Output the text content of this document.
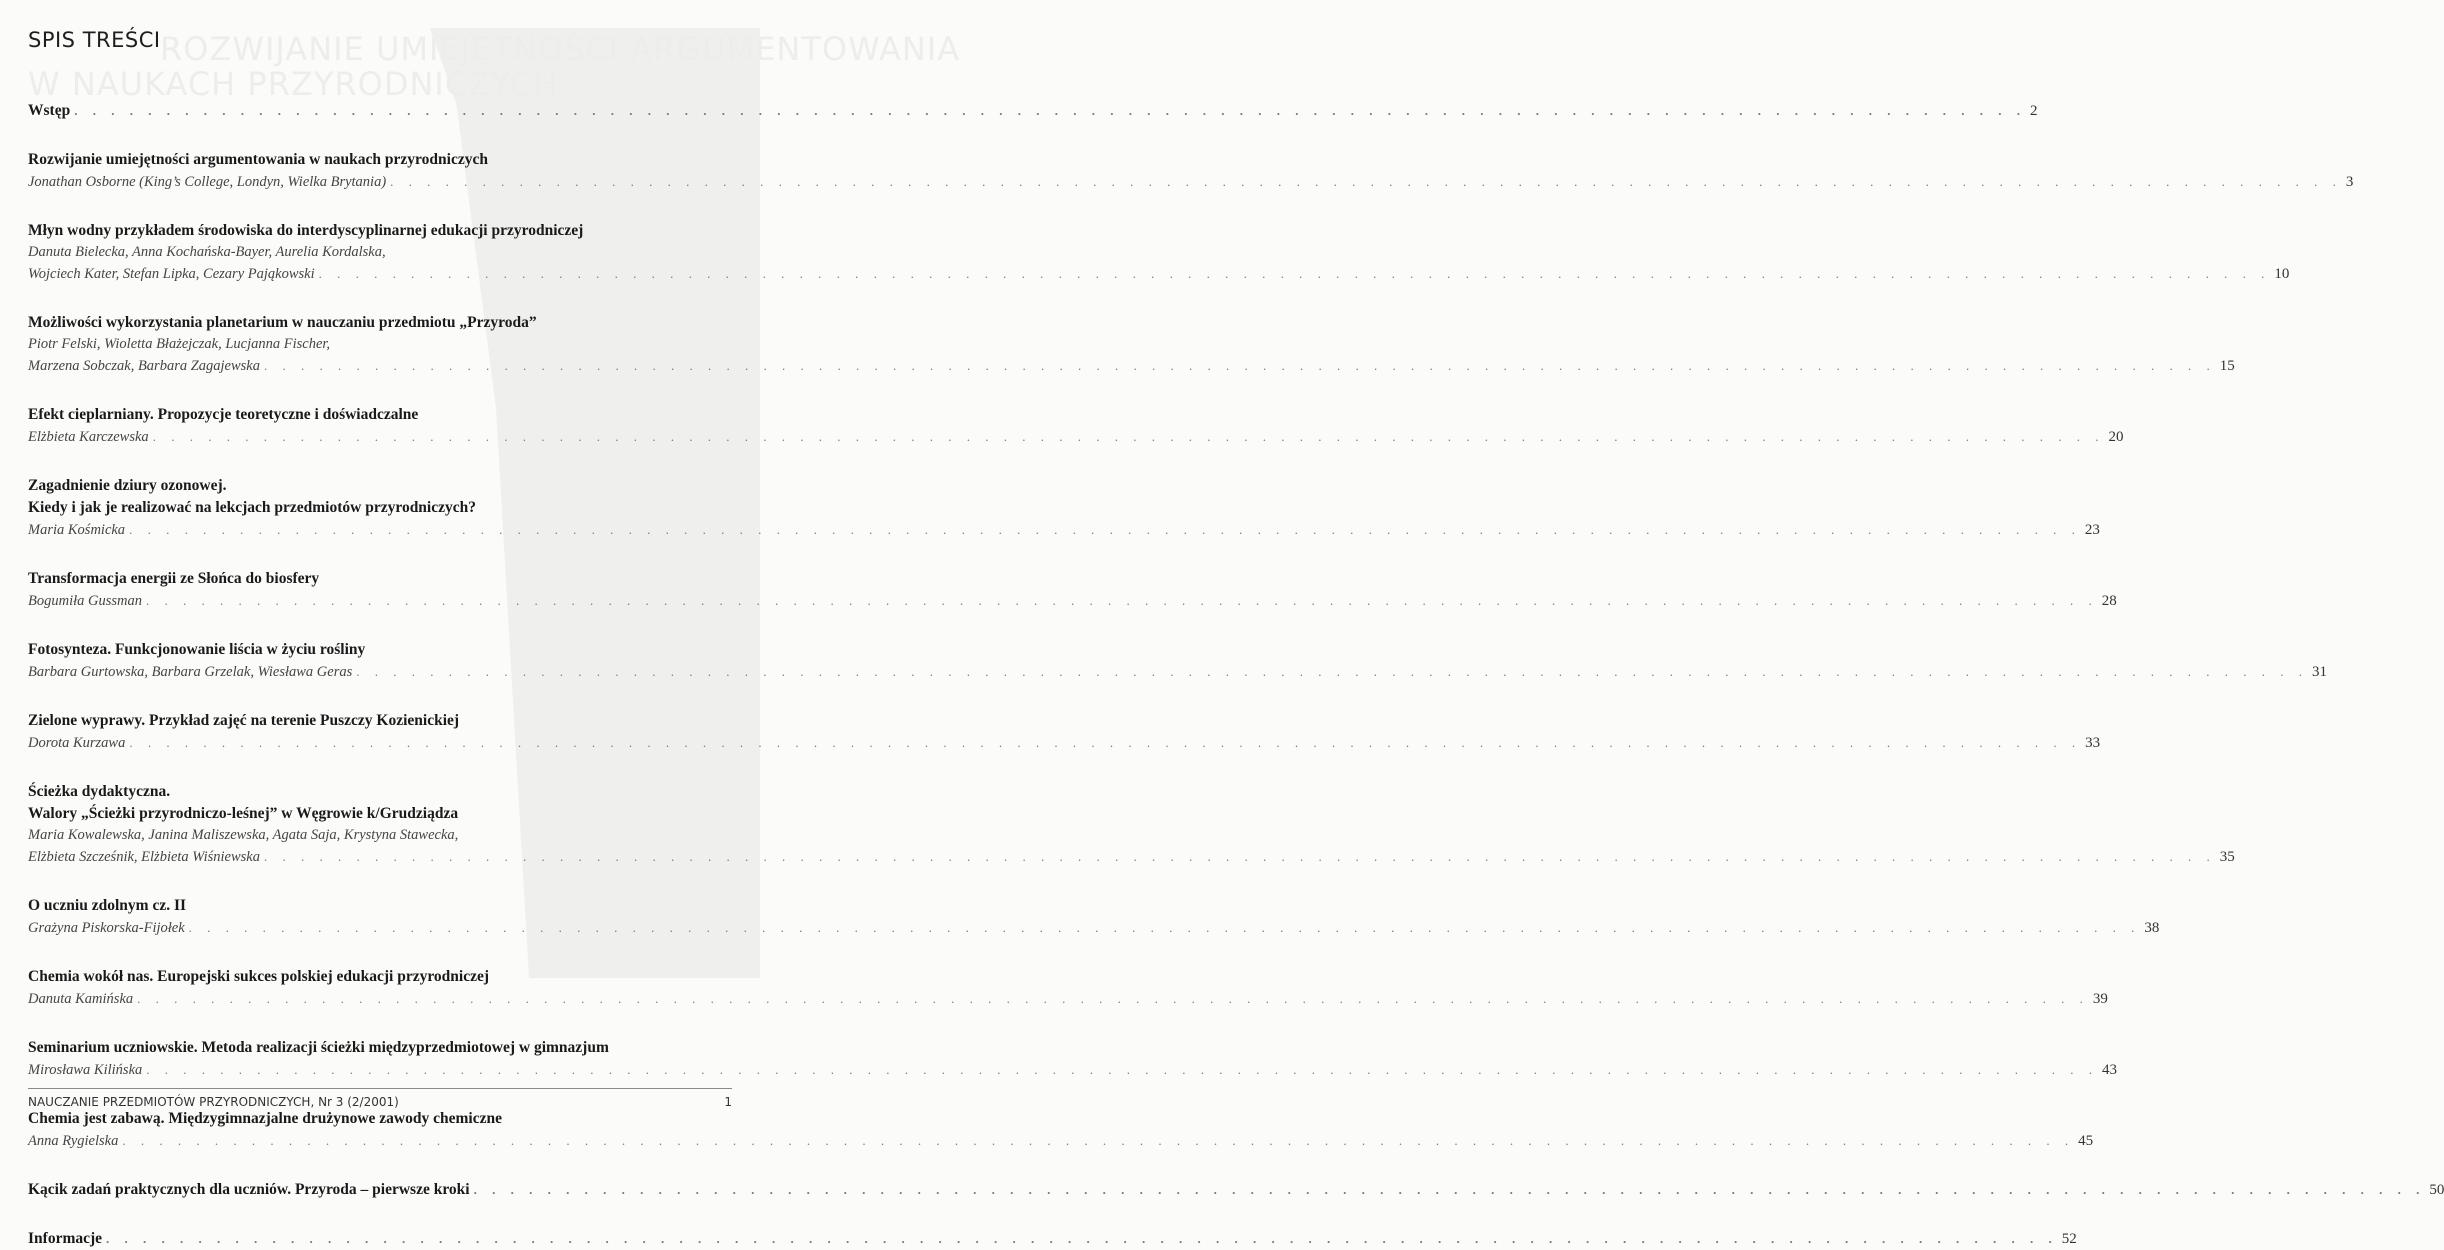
ROZWIJANIE UMIEJĘTNOŚCI ARGUMENTOWANIA
W NAUKACH PRZYRODNICZYCH
SPIS TREŚCI
Wstęp . . .	2
Rozwijanie umiejętności argumentowania w naukach przyrodniczych
Jonathan Osborne (King’s College, Londyn, Wielka Brytania) . . .	3
Młyn wodny przykładem środowiska do interdyscyplinarnej edukacji przyrodniczej
Danuta Bielecka, Anna Kochańska-Bayer, Aurelia Kordalska,
Wojciech Kater, Stefan Lipka, Cezary Pająkowski . . .	10
Możliwości wykorzystania planetarium w nauczaniu przedmiotu „Przyroda”
Piotr Felski, Wioletta Błażejczak, Lucjanna Fischer,
Marzena Sobczak, Barbara Zagajewska . . .	15
Efekt cieplarniany. Propozycje teoretyczne i doświadczalne
Elżbieta Karczewska . . .	20
Zagadnienie dziury ozonowej.
Kiedy i jak je realizować na lekcjach przedmiotów przyrodniczych?
Maria Kośmicka . . .	23
Transformacja energii ze Słońca do biosfery
Bogumiła Gussman . . .	28
Fotosynteza. Funkcjonowanie liścia w życiu rośliny
Barbara Gurtowska, Barbara Grzelak, Wiesława Geras . . .	31
Zielone wyprawy. Przykład zajęć na terenie Puszczy Kozienickiej
Dorota Kurzawa . . .	33
Ścieżka dydaktyczna.
Walory „Ścieżki przyrodniczo-leśnej” w Węgrowie k/Grudziądza
Maria Kowalewska, Janina Maliszewska, Agata Saja, Krystyna Stawecka,
Elżbieta Szcześnik, Elżbieta Wiśniewska . . .	35
O uczniu zdolnym cz. II
Grażyna Piskorska-Fijołek . . .	38
Chemia wokół nas. Europejski sukces polskiej edukacji przyrodniczej
Danuta Kamińska . . .	39
Seminarium uczniowskie. Metoda realizacji ścieżki międzyprzedmiotowej w gimnazjum
Mirosława Kilińska . . .	43
Chemia jest zabawą. Międzygimnazjalne drużynowe zawody chemiczne
Anna Rygielska . . .	45
Kącik zadań praktycznych dla uczniów. Przyroda – pierwsze kroki . . .	50
Informacje . . .	52
NAUCZANIE PRZEDMIOTÓW PRZYRODNICZYCH, Nr 3 (2/2001)	1
